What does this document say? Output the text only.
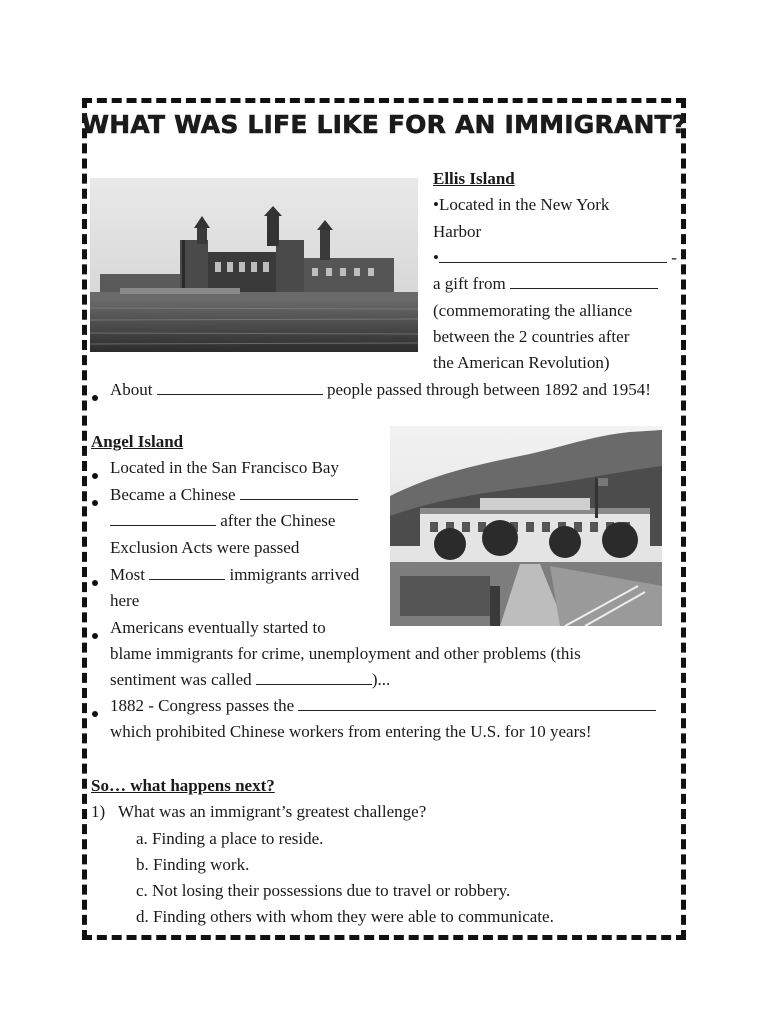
WHAT WAS LIFE LIKE FOR AN IMMIGRANT?
Ellis Island
•Located in the New York
Harbor
•	-
a gift from
(commemorating the alliance
between the 2 countries after
the American Revolution)
About	people passed through between 1892 and 1954!
Angel Island
Located in the San Francisco Bay
Became a Chinese
after the Chinese
Exclusion Acts were passed
Most	immigrants arrived
here
Americans eventually started to
blame immigrants for crime, unemployment and other problems (this
sentiment was called	)...
1882 - Congress passes the
which prohibited Chinese workers from entering the U.S. for 10 years!
So… what happens next?
1) What was an immigrant’s greatest challenge?
a. Finding a place to reside.
b. Finding work.
c. Not losing their possessions due to travel or robbery.
d. Finding others with whom they were able to communicate.
